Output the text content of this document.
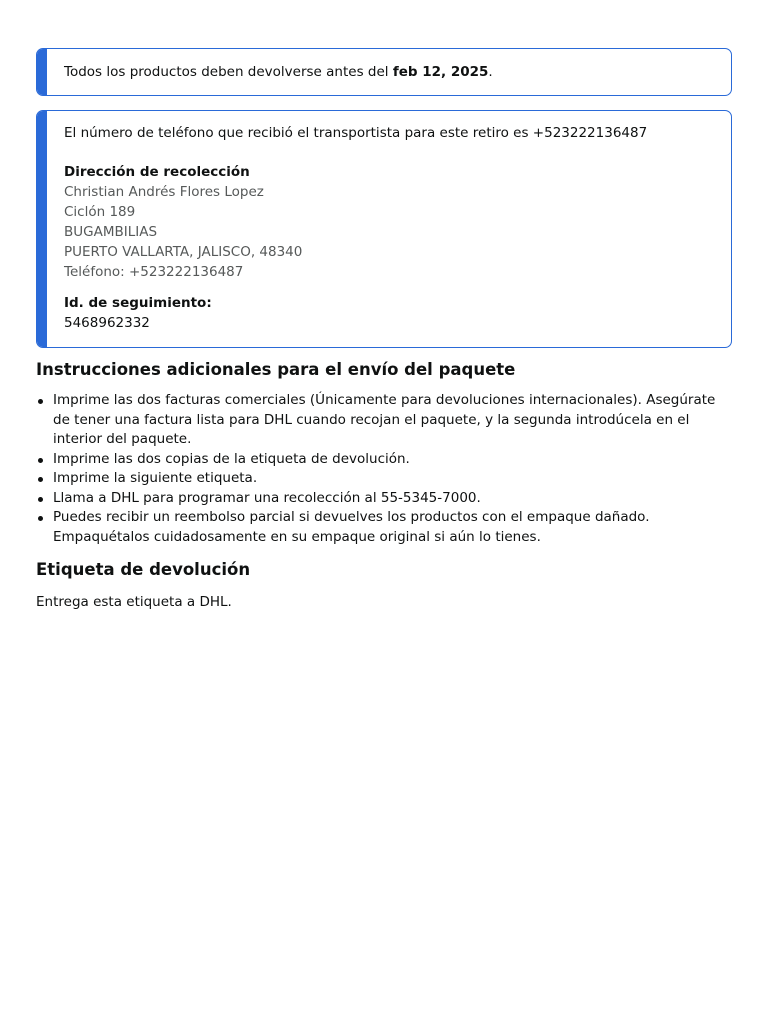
Todos los productos deben devolverse antes del feb 12, 2025.
El número de teléfono que recibió el transportista para este retiro es +523222136487
Dirección de recolección
Christian Andrés Flores Lopez
Ciclón 189
BUGAMBILIAS
PUERTO VALLARTA, JALISCO, 48340
Teléfono: +523222136487
Id. de seguimiento:
5468962332
Instrucciones adicionales para el envío del paquete
Imprime las dos facturas comerciales (Únicamente para devoluciones internacionales). Asegúrate de tener una factura lista para DHL cuando recojan el paquete, y la segunda introdúcela en el interior del paquete.
Imprime las dos copias de la etiqueta de devolución.
Imprime la siguiente etiqueta.
Llama a DHL para programar una recolección al 55-5345-7000.
Puedes recibir un reembolso parcial si devuelves los productos con el empaque dañado. Empaquétalos cuidadosamente en su empaque original si aún lo tienes.
Etiqueta de devolución
Entrega esta etiqueta a DHL.
